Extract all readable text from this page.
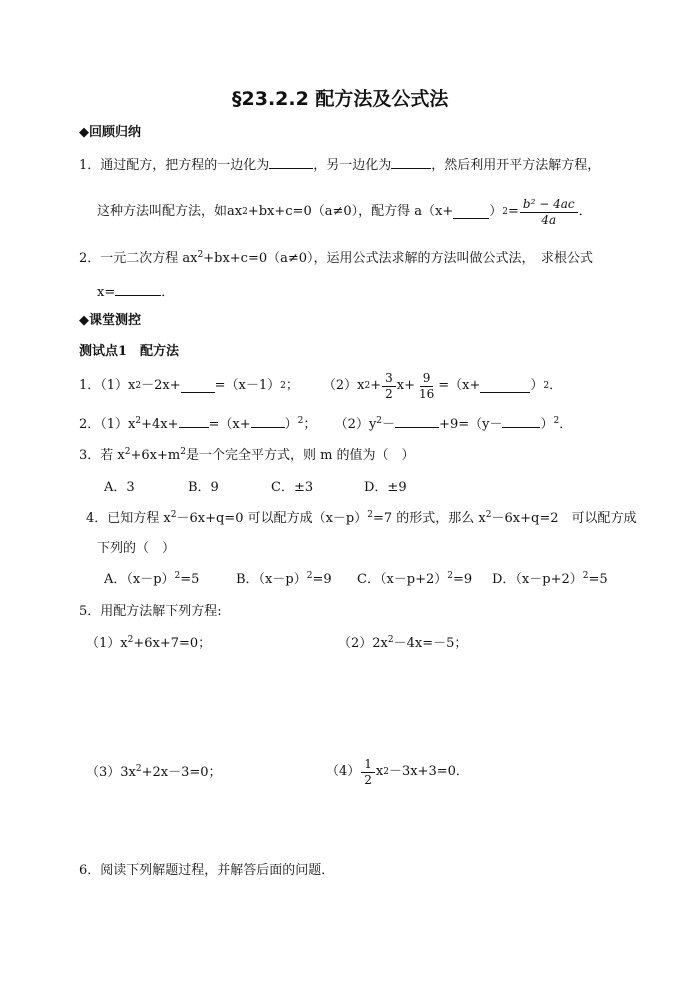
§23.2.2 配方法及公式法
◆回顾归纳
1．通过配方，把方程的一边化为	，另一边化为	，然后利用开平方法解方程，
这种方法叫配方法，如ax 2 +bx+c=0（a≠0），配方得 a（x+	） $2 = \frac{\text{b² − 4ac}}{4a}$ ．
2．一元二次方程 $ax^2+bx+c=0(a\ne 0)$，运用公式法求解的方法叫做公式法，　求根公式
x=	．
◆课堂测控
测试点1　配方法
1．（1）x 2 －2x+	=（x－1） 2 ； （2）x $2 + \frac{3}{2} x+ \frac{9}{16} =(x+$	） 2 ．
2．$(1)x^2+4x+ =(x+$	）$^2$； $(2)y^2-$	+9=（y－	）$^2$．
3．若 $x^2+6x+m^2$是一个完全平方式，则 m 的值为（　）
A．3	B．9	C．±3	D．±9
4．已知方程 $x^2-6x+q=0$ 可以配方成$(x-p)^2=7$ 的形式，那么 $x^2-6x+q=2$　可以配方成
下列的（　）
A．$(x-p)^2=5$	B．$(x-p)^2=9$ C．$(x-p+2)^2=9$ D．$(x-p+2)^2=5$
5．用配方法解下列方程:
$(1)x^2+6x+7=0$；	$(2)2x^2-4x=-5$；
$(3)3x^2+2x-3=0$；	$(4) \frac{1}{2}$ x 2 －3x+3=0．
6．阅读下列解题过程，并解答后面的问题．
